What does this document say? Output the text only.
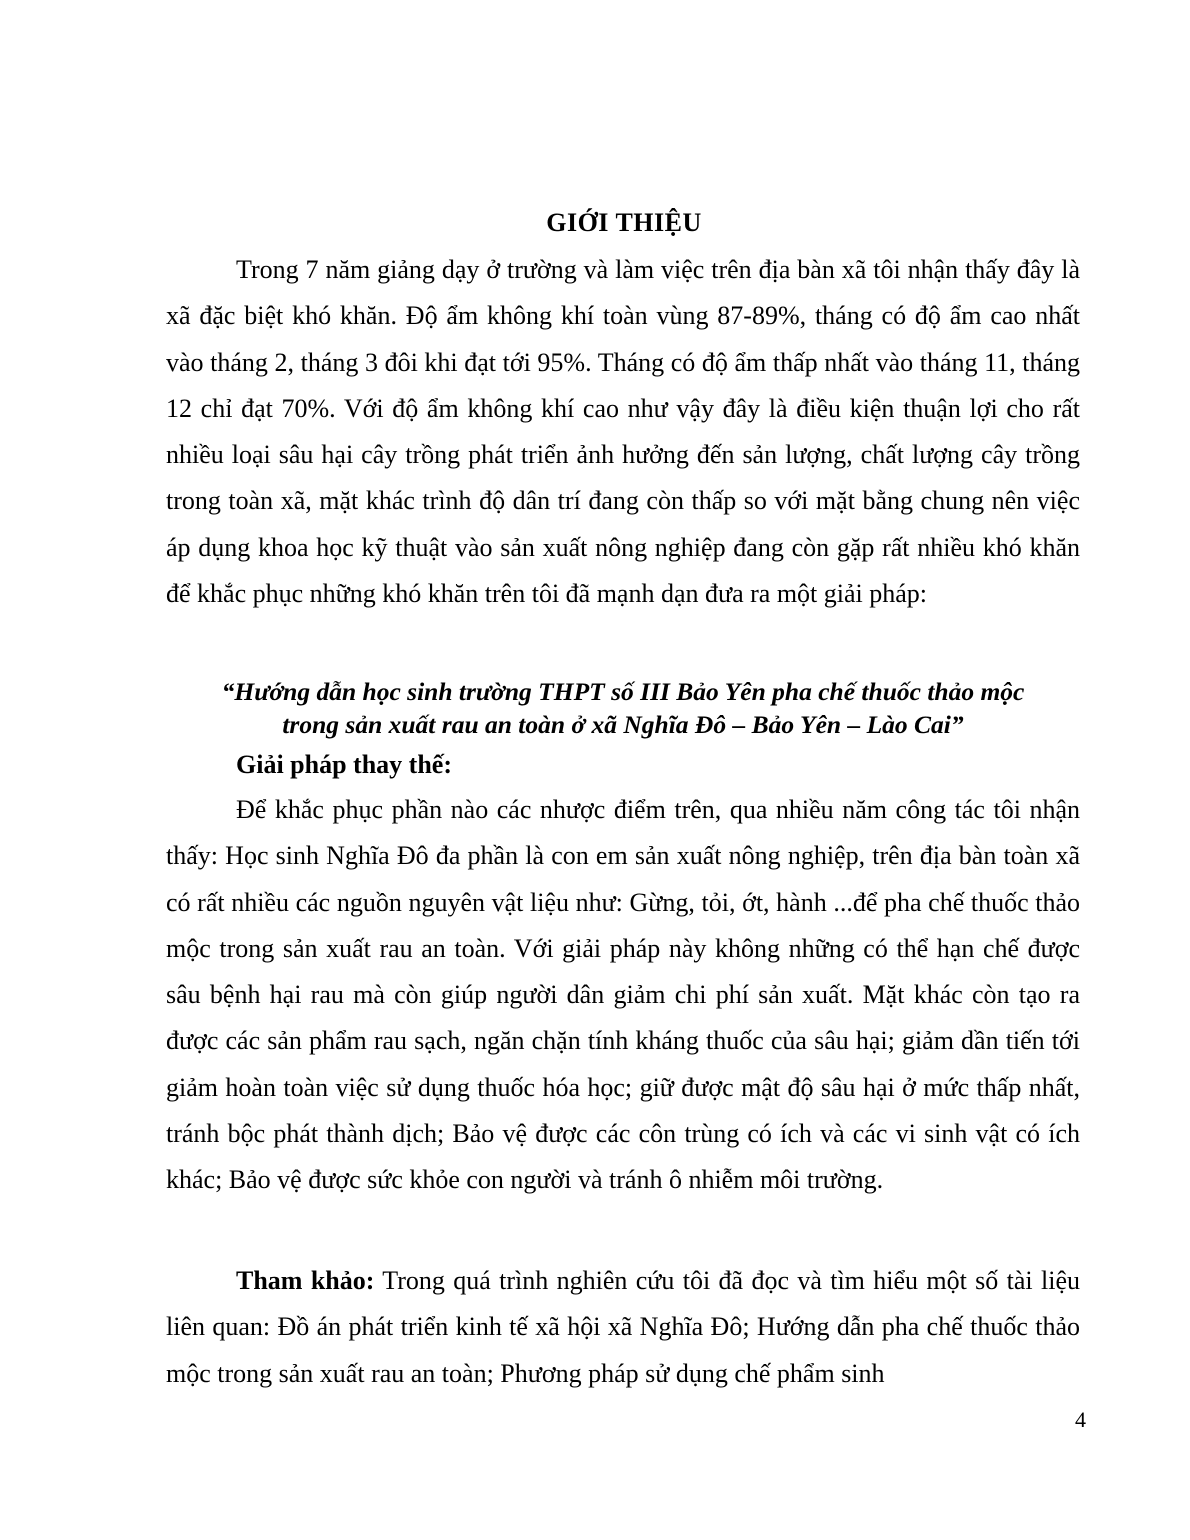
GIỚI THIỆU

Trong 7 năm giảng dạy ở trường và làm việc trên địa bàn xã tôi nhận thấy đây là xã đặc biệt khó khăn. Độ ẩm không khí toàn vùng 87-89%, tháng có độ ẩm cao nhất vào tháng 2, tháng 3 đôi khi đạt tới 95%. Tháng có độ ẩm thấp nhất vào tháng 11, tháng 12 chỉ đạt 70%. Với độ ẩm không khí cao như vậy đây là điều kiện thuận lợi cho rất nhiều loại sâu hại cây trồng phát triển ảnh hưởng đến sản lượng, chất lượng cây trồng trong toàn xã, mặt khác trình độ dân trí đang còn thấp so với mặt bằng chung nên việc áp dụng khoa học kỹ thuật vào sản xuất nông nghiệp đang còn gặp rất nhiều khó khăn để khắc phục những khó khăn trên tôi đã mạnh dạn đưa ra một giải pháp:

“Hướng dẫn học sinh trường THPT số III Bảo Yên pha chế thuốc thảo mộc
trong sản xuất rau an toàn ở xã Nghĩa Đô – Bảo Yên – Lào Cai”
Giải pháp thay thế:

Để khắc phục phần nào các nhược điểm trên, qua nhiều năm công tác tôi nhận thấy: Học sinh Nghĩa Đô đa phần là con em sản xuất nông nghiệp, trên địa bàn toàn xã có rất nhiều các nguồn nguyên vật liệu như: Gừng, tỏi, ớt, hành ...để pha chế thuốc thảo mộc trong sản xuất rau an toàn. Với giải pháp này không những có thể hạn chế được sâu bệnh hại rau mà còn giúp người dân giảm chi phí sản xuất. Mặt khác còn tạo ra được các sản phẩm rau sạch, ngăn chặn tính kháng thuốc của sâu hại; giảm dần tiến tới giảm hoàn toàn việc sử dụng thuốc hóa học; giữ được mật độ sâu hại ở mức thấp nhất, tránh bộc phát thành dịch; Bảo vệ được các côn trùng có ích và các vi sinh vật có ích khác; Bảo vệ được sức khỏe con người và tránh ô nhiễm môi trường.

Tham khảo: Trong quá trình nghiên cứu tôi đã đọc và tìm hiểu một số tài liệu liên quan: Đồ án phát triển kinh tế xã hội xã Nghĩa Đô; Hướng dẫn pha chế thuốc thảo mộc trong sản xuất rau an toàn; Phương pháp sử dụng chế phẩm sinh

4
